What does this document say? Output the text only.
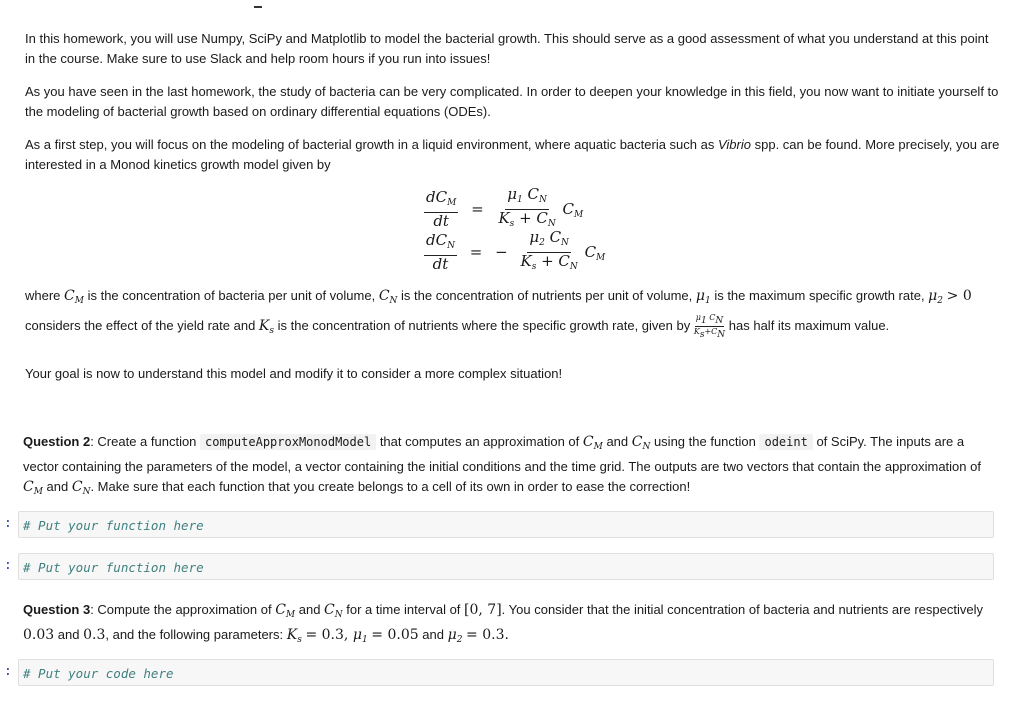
In this homework, you will use Numpy, SciPy and Matplotlib to model the bacterial growth. This should serve as a good assessment of what you understand at this point in the course. Make sure to use Slack and help room hours if you run into issues!

As you have seen in the last homework, the study of bacteria can be very complicated. In order to deepen your knowledge in this field, you now want to initiate yourself to the modeling of bacterial growth based on ordinary differential equations (ODEs).

As a first step, you will focus on the modeling of bacterial growth in a liquid environment, where aquatic bacteria such as Vibrio spp. can be found. More precisely, you are interested in a Monod kinetics growth model given by

$\frac{dC_M}{dt} = \frac{\mu_1 C_N}{K_s + C_N} C_M$
$\frac{dC_N}{dt}$ = − $\frac{\mu_2 C_N}{K_s + C_N} C_M$

where $C_M$ is the concentration of bacteria per unit of volume, $C_N$ is the concentration of nutrients per unit of volume, $\mu_1$ is the maximum specific growth rate, $\mu_2 > 0$ considers the effect of the yield rate and $K_s$ is the concentration of nutrients where the specific growth rate, given by $\frac{\mu_1 C_N}{K_s+C_N}$ has half its maximum value.

Your goal is now to understand this model and modify it to consider a more complex situation!

Question 2: Create a function computeApproxMonodModel that computes an approximation of $C_M$ and $C_N$ using the function odeint of SciPy. The inputs are a vector containing the parameters of the model, a vector containing the initial conditions and the time grid. The outputs are two vectors that contain the approximation of $C_M$ and $C_N$. Make sure that each function that you create belongs to a cell of its own in order to ease the correction!

: # Put your function here
: # Put your function here

Question 3: Compute the approximation of $C_M$ and $C_N$ for a time interval of [0, 7]. You consider that the initial concentration of bacteria and nutrients are respectively 0.03 and 0.3, and the following parameters: $K_s = 0.3$, $\mu_1 = 0.05$ and $\mu_2 = 0.3$.

: # Put your code here
